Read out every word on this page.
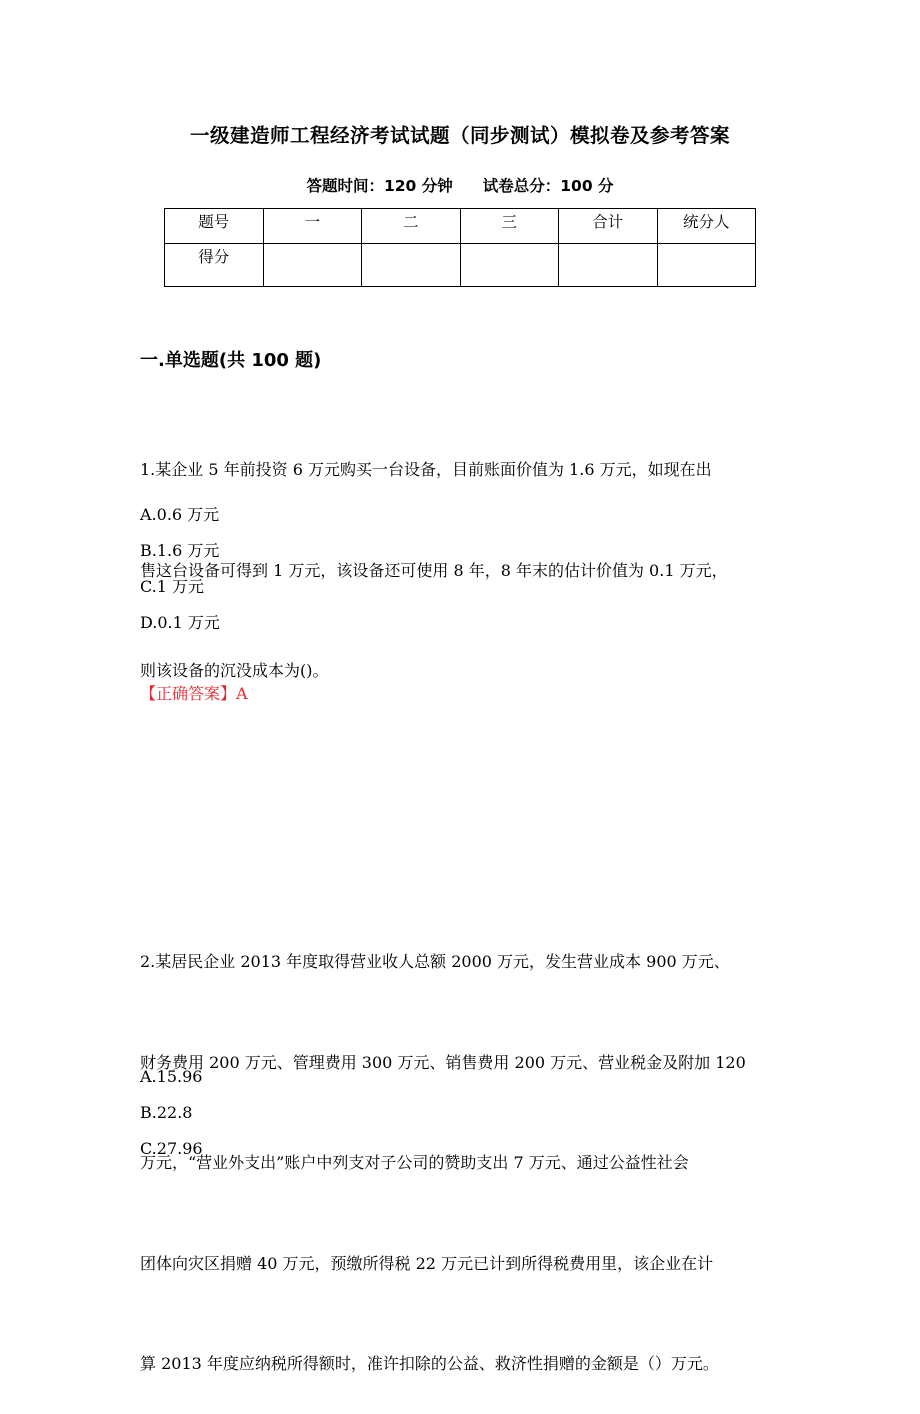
一级建造师工程经济考试试题（同步测试）模拟卷及参考答案
答题时间：120 分钟 试卷总分：100 分
题号	一	二	三	合计	统分人
得分					
一.单选题(共 100 题)

1.某企业 5 年前投资 6 万元购买一台设备，目前账面价值为 1.6 万元，如现在出

售这台设备可得到 1 万元，该设备还可使用 8 年，8 年末的估计价值为 0.1 万元，

则该设备的沉没成本为()。

A.0.6 万元
B.1.6 万元
C.1 万元
D.0.1 万元
【正确答案】A

2.某居民企业 2013 年度取得营业收人总额 2000 万元，发生营业成本 900 万元、

财务费用 200 万元、管理费用 300 万元、销售费用 200 万元、营业税金及附加 120

万元，“营业外支出”账户中列支对子公司的赞助支出 7 万元、通过公益性社会

团体向灾区捐赠 40 万元，预缴所得税 22 万元已计到所得税费用里，该企业在计

算 2013 年度应纳税所得额时，准许扣除的公益、救济性捐赠的金额是（）万元。

A.15.96
B.22.8
C.27.96
